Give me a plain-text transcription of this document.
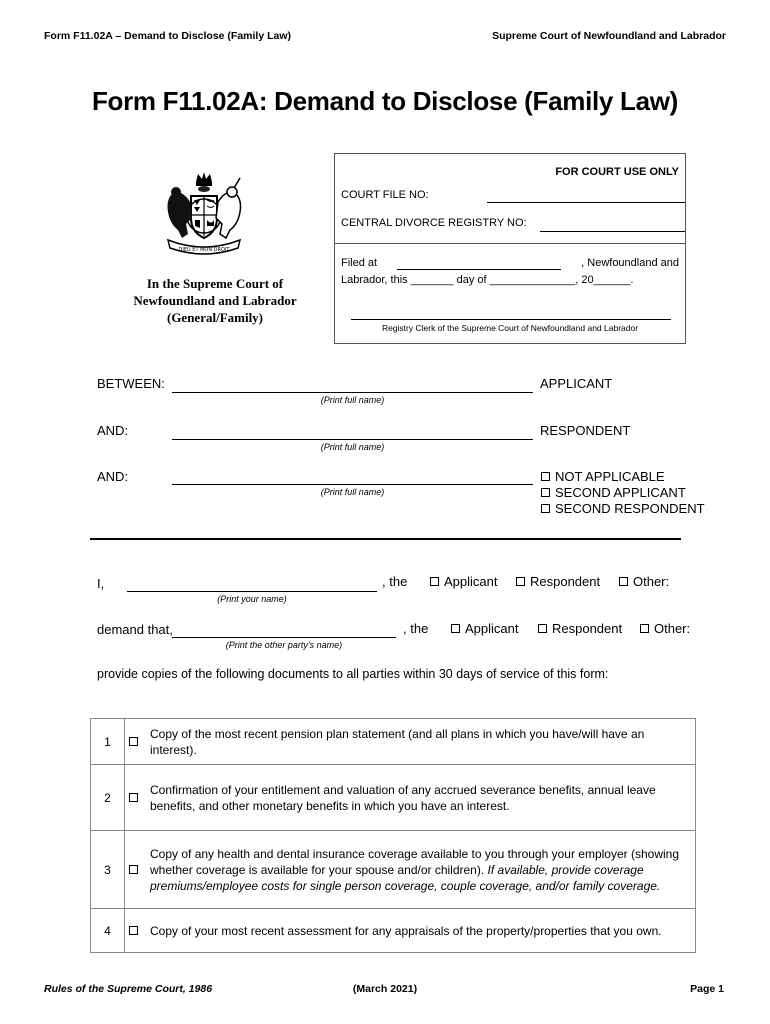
Form F11.02A – Demand to Disclose (Family Law)	Supreme Court of Newfoundland and Labrador
Form F11.02A: Demand to Disclose (Family Law)
DIEU ET MON DROIT
In the Supreme Court of
Newfoundland and Labrador
(General/Family)
FOR COURT USE ONLY
COURT FILE NO:
CENTRAL DIVORCE REGISTRY NO:
Filed at	, Newfoundland and
Labrador, this _______ day of ______________, 20______.
Registry Clerk of the Supreme Court of Newfoundland and Labrador
BETWEEN:	APPLICANT
(Print full name)
AND:	RESPONDENT
(Print full name)
AND:
(Print full name)
NOT APPLICABLE
SECOND APPLICANT
SECOND RESPONDENT
I,	, the	Applicant	Respondent	Other:
(Print your name)
demand that,	, the	Applicant	Respondent	Other:
(Print the other party’s name)
provide copies of the following documents to all parties within 30 days of service of this form:
1		Copy of the most recent pension plan statement (and all plans in which you have/will have an interest).
2		Confirmation of your entitlement and valuation of any accrued severance benefits, annual leave benefits, and other monetary benefits in which you have an interest.
3		Copy of any health and dental insurance coverage available to you through your employer (showing whether coverage is available for your spouse and/or children). If available, provide coverage premiums/employee costs for single person coverage, couple coverage, and/or family coverage.
4		Copy of your most recent assessment for any appraisals of the property/properties that you own.
Rules of the Supreme Court, 1986	(March 2021)	Page 1
